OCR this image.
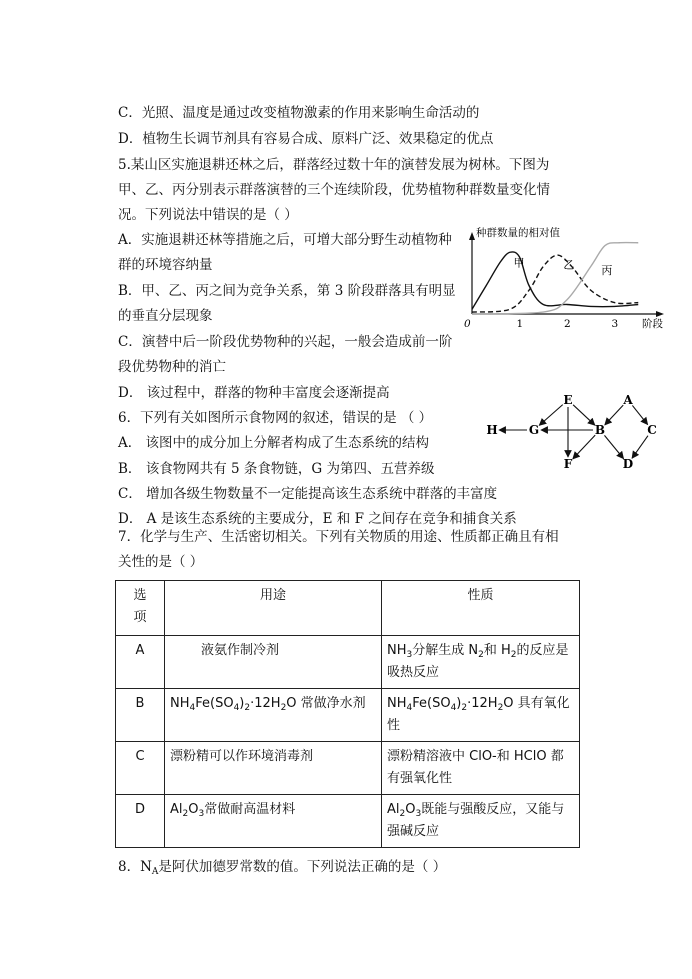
C．光照、温度是通过改变植物激素的作用来影响生命活动的
D．植物生长调节剂具有容易合成、原料广泛、效果稳定的优点
5.某山区实施退耕还林之后，群落经过数十年的演替发展为树林。下图为
甲、乙、丙分别表示群落演替的三个连续阶段，优势植物种群数量变化情
况。下列说法中错误的是（ ）
A．实施退耕还林等措施之后，可增大部分野生动植物种
群的环境容纳量
B．甲、乙、丙之间为竞争关系，第 3 阶段群落具有明显
的垂直分层现象
C．演替中后一阶段优势物种的兴起，一般会造成前一阶
段优势物种的消亡
D． 该过程中，群落的物种丰富度会逐渐提高
6．下列有关如图所示食物网的叙述，错误的是 （ ）
A． 该图中的成分加上分解者构成了生态系统的结构
B． 该食物网共有 5 条食物链，G 为第四、五营养级
C． 增加各级生物数量不一定能提高该生态系统中群落的丰富度
D． A 是该生态系统的主要成分，E 和 F 之间存在竞争和捕食关系
7．化学与生产、生活密切相关。下列有关物质的用途、性质都正确且有相
关性的是（ ）
种群数量的相对值
阶段
0	1	2	3
甲	乙 丙
H	G
E
F
B
A
C
D
选
项	用途	性质
A	液氨作制冷剂	$NH_3$分解生成 $N_2$和 $H_2$的反应是吸热反应
B	$NH_4Fe(SO_4)_2\cdot 12H_2O$ 常做净水剂	$NH_4Fe(SO_4)_2\cdot 12H_2O$ 具有氧化性
C	漂粉精可以作环境消毒剂	漂粉精溶液中 ClO‐和 HClO 都有强氧化性
D	$Al_2O_3$常做耐高温材料	$Al_2O_3$既能与强酸反应，又能与强碱反应
8．$N_A$是阿伏加德罗常数的值。下列说法正确的是（ ）
